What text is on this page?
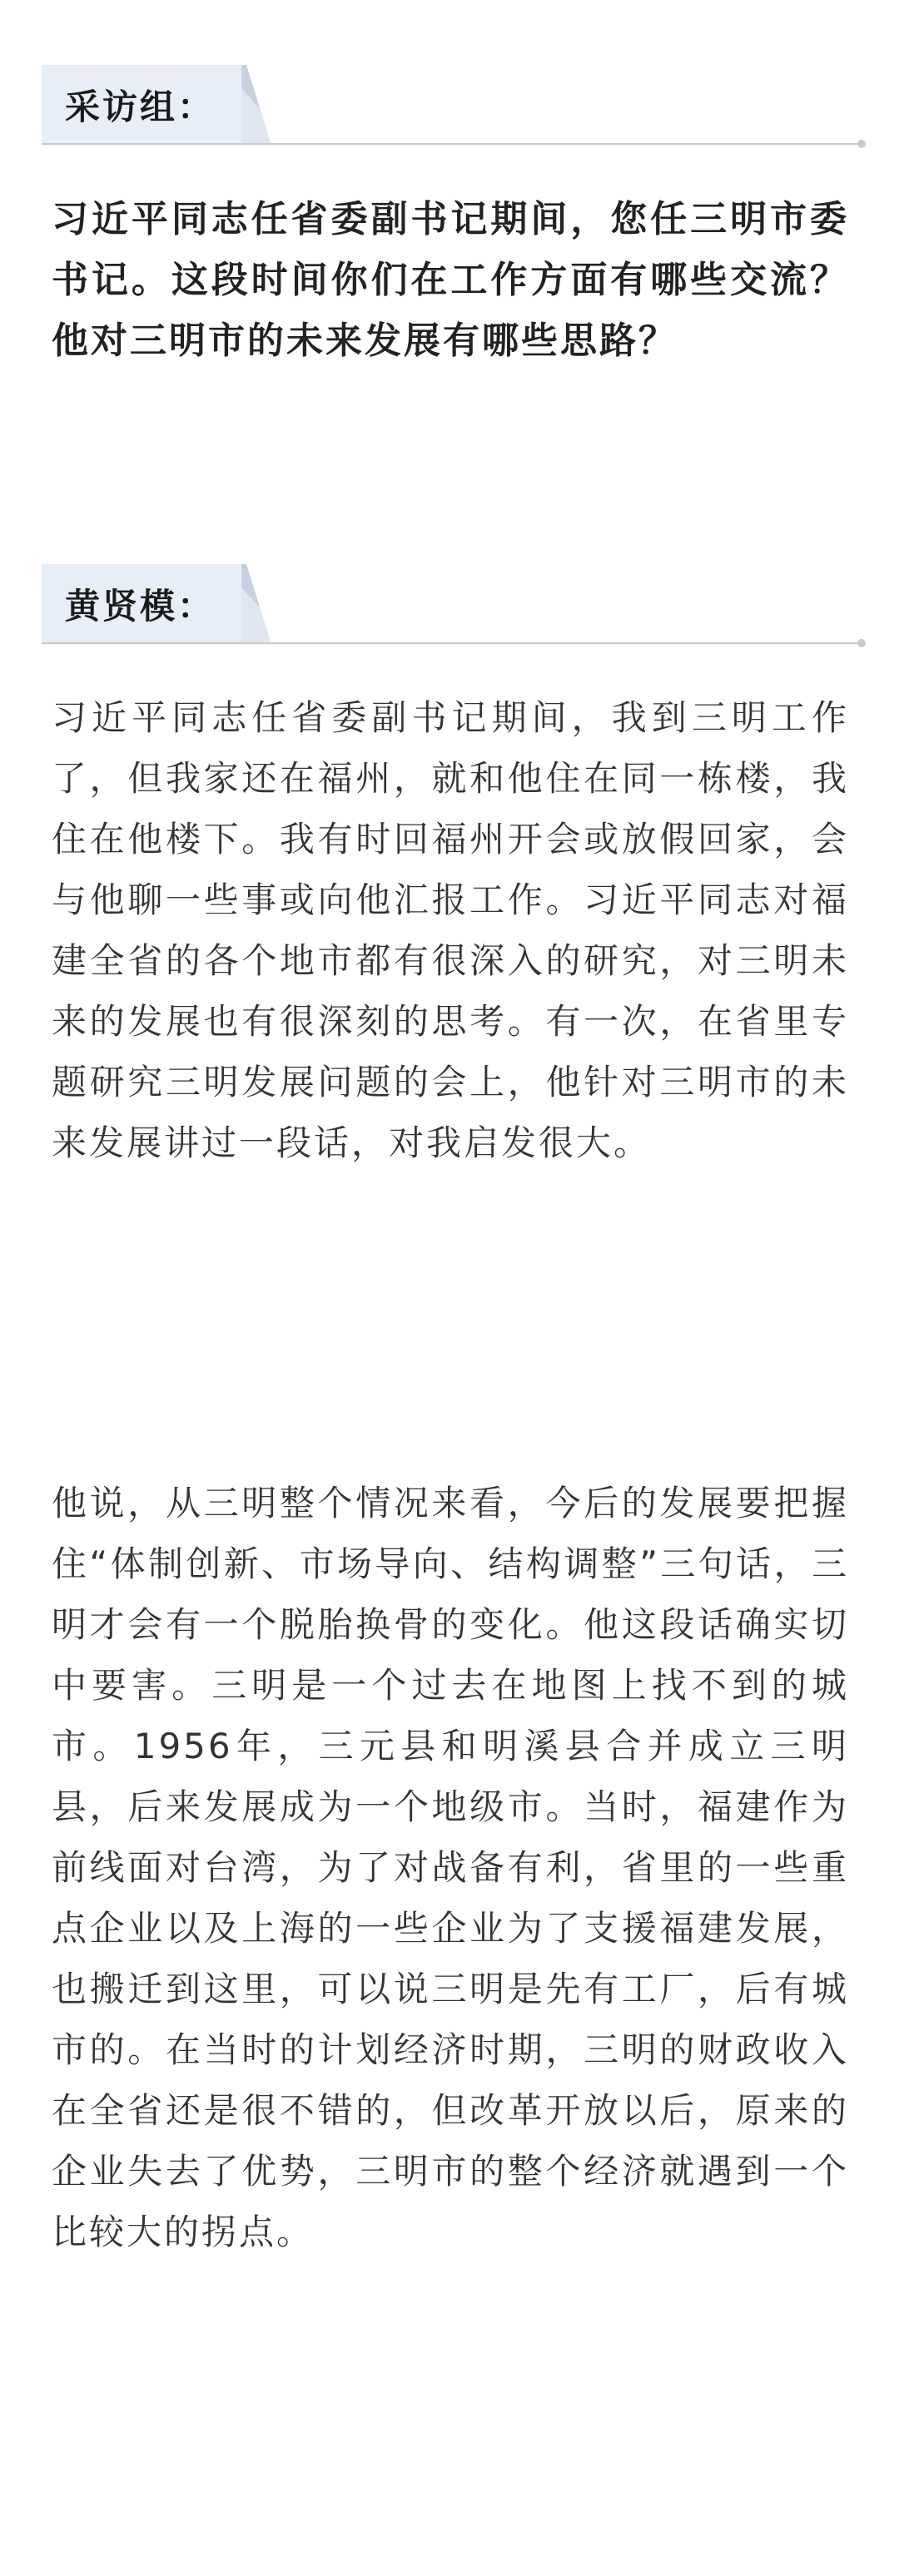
采访组：

习近平同志任省委副书记期间，您任三明市委书记。这段时间你们在工作方面有哪些交流？他对三明市的未来发展有哪些思路？

黄贤模：

习近平同志任省委副书记期间，我到三明工作了，但我家还在福州，就和他住在同一栋楼，我住在他楼下。我有时回福州开会或放假回家，会与他聊一些事或向他汇报工作。习近平同志对福建全省的各个地市都有很深入的研究，对三明未来的发展也有很深刻的思考。有一次，在省里专题研究三明发展问题的会上，他针对三明市的未来发展讲过一段话，对我启发很大。

他说，从三明整个情况来看，今后的发展要把握住“体制创新、市场导向、结构调整”三句话，三明才会有一个脱胎换骨的变化。他这段话确实切中要害。三明是一个过去在地图上找不到的城市。1956年，三元县和明溪县合并成立三明县，后来发展成为一个地级市。当时，福建作为前线面对台湾，为了对战备有利，省里的一些重点企业以及上海的一些企业为了支援福建发展，也搬迁到这里，可以说三明是先有工厂，后有城市的。在当时的计划经济时期，三明的财政收入在全省还是很不错的，但改革开放以后，原来的企业失去了优势，三明市的整个经济就遇到一个比较大的拐点。
